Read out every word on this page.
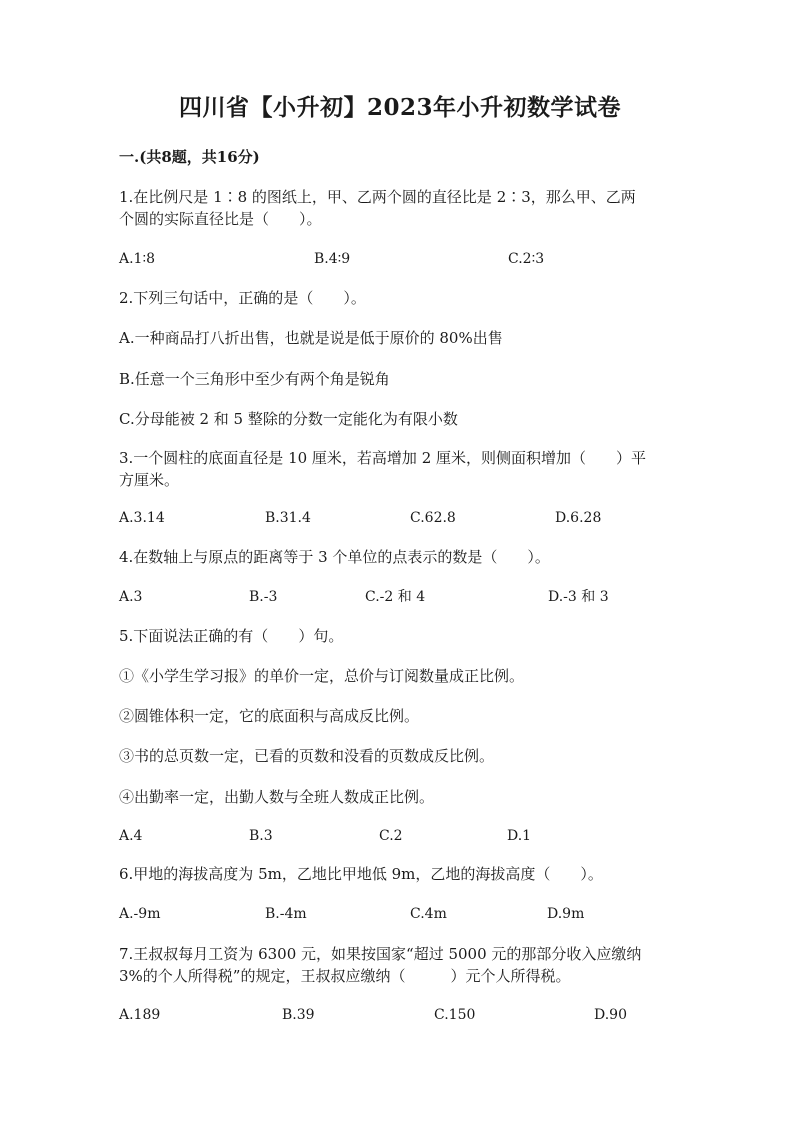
四川省【小升初】2023年小升初数学试卷
一.(共8题，共16分)
1.在比例尺是 1∶8 的图纸上，甲、乙两个圆的直径比是 2∶3，那么甲、乙两
个圆的实际直径比是（　　）。
A.1∶8	B.4∶9	C.2∶3
2.下列三句话中，正确的是（　　）。
A.一种商品打八折出售，也就是说是低于原价的 80%出售
B.任意一个三角形中至少有两个角是锐角
C.分母能被 2 和 5 整除的分数一定能化为有限小数
3.一个圆柱的底面直径是 10 厘米，若高增加 2 厘米，则侧面积增加（　　）平
方厘米。
A.3.14	B.31.4	C.62.8	D.6.28
4.在数轴上与原点的距离等于 3 个单位的点表示的数是（　　）。
A.3	B.-3	C.-2 和 4	D.-3 和 3
5.下面说法正确的有（　　）句。
①《小学生学习报》的单价一定，总价与订阅数量成正比例。
②圆锥体积一定，它的底面积与高成反比例。
③书的总页数一定，已看的页数和没看的页数成反比例。
④出勤率一定，出勤人数与全班人数成正比例。
A.4	B.3	C.2	D.1
6.甲地的海拔高度为 5m，乙地比甲地低 9m，乙地的海拔高度（　　）。
A.-9m	B.-4m	C.4m	D.9m
7.王叔叔每月工资为 6300 元，如果按国家“超过 5000 元的那部分收入应缴纳
3%的个人所得税”的规定，王叔叔应缴纳（　　　）元个人所得税。
A.189	B.39	C.150	D.90
